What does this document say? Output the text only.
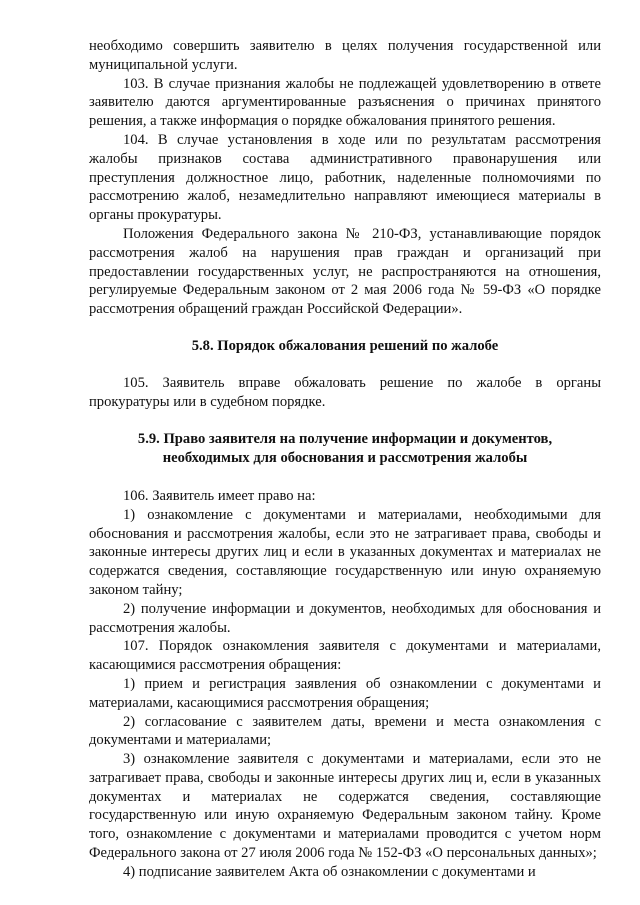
необходимо совершить заявителю в целях получения государственной или муниципальной услуги.

103. В случае признания жалобы не подлежащей удовлетворению в ответе заявителю даются аргументированные разъяснения о причинах принятого решения, а также информация о порядке обжалования принятого решения.

104. В случае установления в ходе или по результатам рассмотрения жалобы признаков состава административного правонарушения или преступления должностное лицо, работник, наделенные полномочиями по рассмотрению жалоб, незамедлительно направляют имеющиеся материалы в органы прокуратуры.

Положения Федерального закона № 210-ФЗ, устанавливающие порядок рассмотрения жалоб на нарушения прав граждан и организаций при предоставлении государственных услуг, не распространяются на отношения, регулируемые Федеральным законом от 2 мая 2006 года № 59-ФЗ «О порядке рассмотрения обращений граждан Российской Федерации».

5.8. Порядок обжалования решений по жалобе

105. Заявитель вправе обжаловать решение по жалобе в органы прокуратуры или в судебном порядке.

5.9. Право заявителя на получение информации и документов,

необходимых для обоснования и рассмотрения жалобы

106. Заявитель имеет право на:

1) ознакомление с документами и материалами, необходимыми для обоснования и рассмотрения жалобы, если это не затрагивает права, свободы и законные интересы других лиц и если в указанных документах и материалах не содержатся сведения, составляющие государственную или иную охраняемую законом тайну;

2) получение информации и документов, необходимых для обоснования и рассмотрения жалобы.

107. Порядок ознакомления заявителя с документами и материалами, касающимися рассмотрения обращения:

1) прием и регистрация заявления об ознакомлении с документами и материалами, касающимися рассмотрения обращения;

2) согласование с заявителем даты, времени и места ознакомления с документами и материалами;

3) ознакомление заявителя с документами и материалами, если это не затрагивает права, свободы и законные интересы других лиц и, если в указанных документах и материалах не содержатся сведения, составляющие государственную или иную охраняемую Федеральным законом тайну. Кроме того, ознакомление с документами и материалами проводится с учетом норм Федерального закона от 27 июля 2006 года № 152-ФЗ «О персональных данных»;

4) подписание заявителем Акта об ознакомлении с документами и
